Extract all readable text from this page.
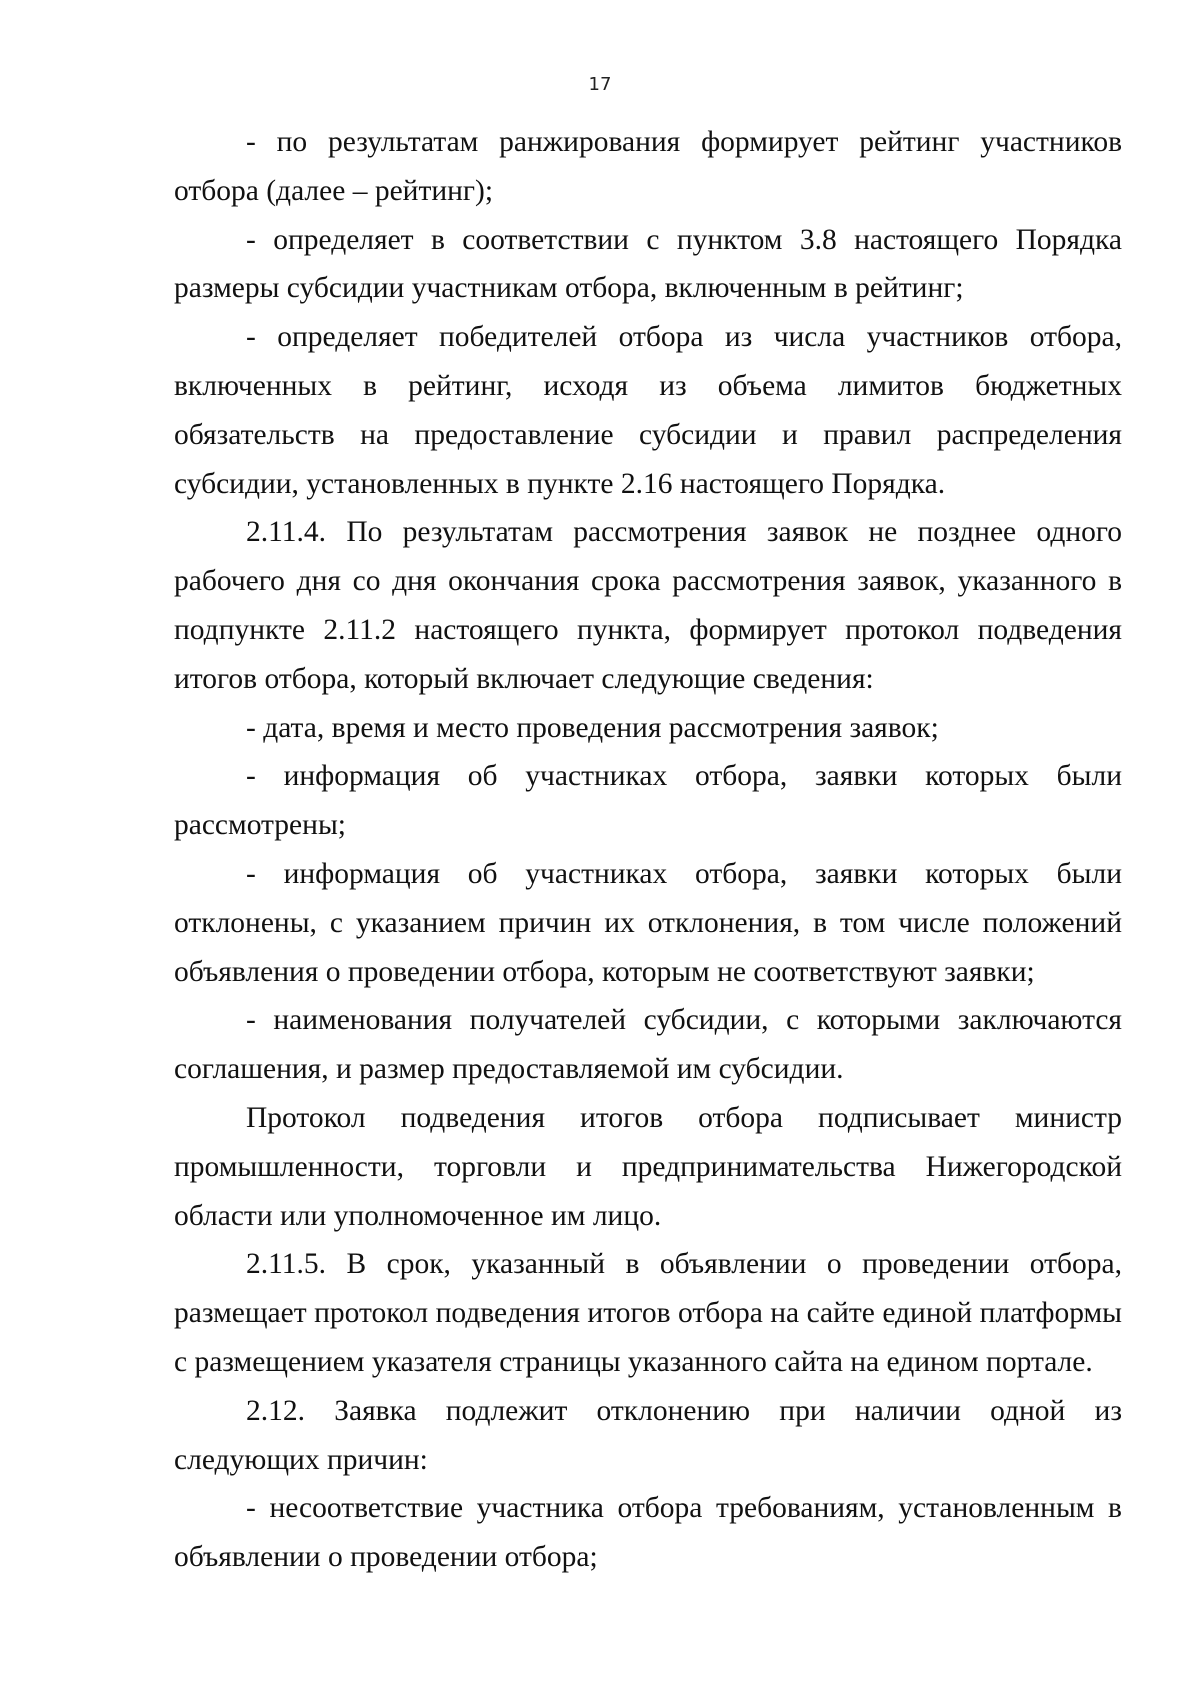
17

- по результатам ранжирования формирует рейтинг участников отбора (далее – рейтинг);

- определяет в соответствии с пунктом 3.8 настоящего Порядка размеры субсидии участникам отбора, включенным в рейтинг;

- определяет победителей отбора из числа участников отбора, включенных в рейтинг, исходя из объема лимитов бюджетных обязательств на предоставление субсидии и правил распределения субсидии, установленных в пункте 2.16 настоящего Порядка.

2.11.4. По результатам рассмотрения заявок не позднее одного рабочего дня со дня окончания срока рассмотрения заявок, указанного в подпункте 2.11.2 настоящего пункта, формирует протокол подведения итогов отбора, который включает следующие сведения:

- дата, время и место проведения рассмотрения заявок;

- информация об участниках отбора, заявки которых были рассмотрены;

- информация об участниках отбора, заявки которых были отклонены, с указанием причин их отклонения, в том числе положений объявления о проведении отбора, которым не соответствуют заявки;

- наименования получателей субсидии, с которыми заключаются соглашения, и размер предоставляемой им субсидии.

Протокол подведения итогов отбора подписывает министр промышленности, торговли и предпринимательства Нижегородской области или уполномоченное им лицо.

2.11.5. В срок, указанный в объявлении о проведении отбора, размещает протокол подведения итогов отбора на сайте единой платформы с размещением указателя страницы указанного сайта на едином портале.

2.12. Заявка подлежит отклонению при наличии одной из следующих причин:

- несоответствие участника отбора требованиям, установленным в объявлении о проведении отбора;
